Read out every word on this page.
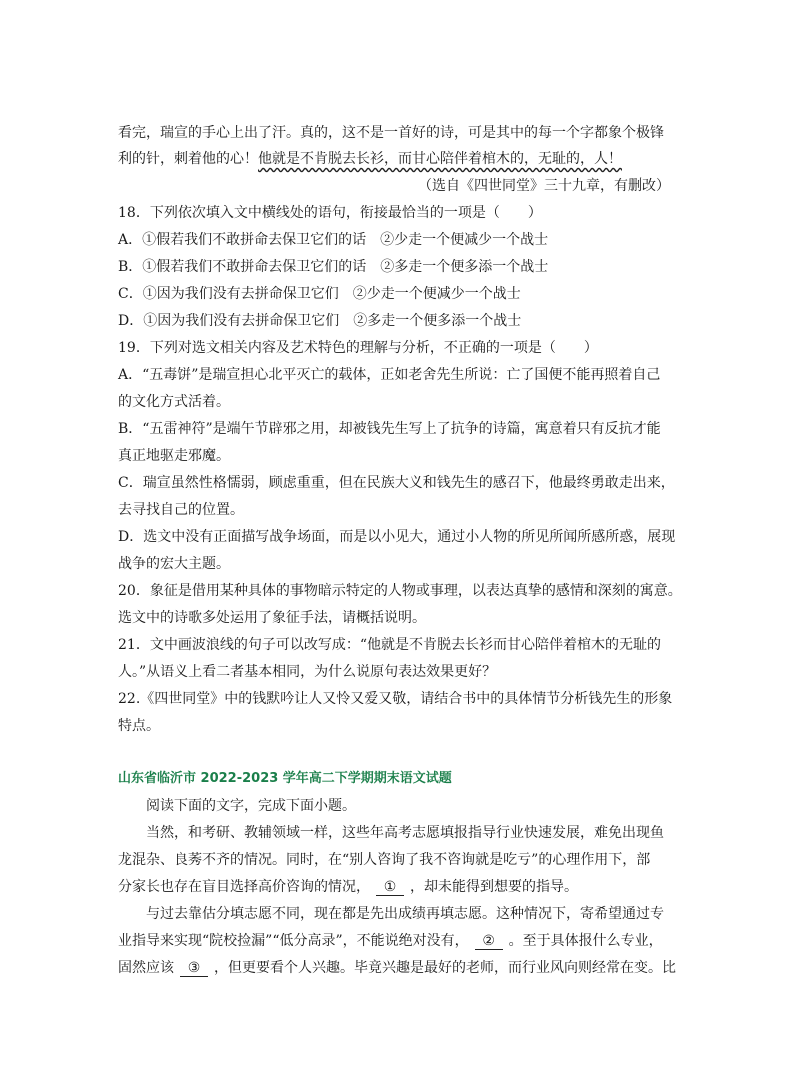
看完，瑞宣的手心上出了汗。真的，这不是一首好的诗，可是其中的每一个字都象个极锋
利的针，刺着他的心！他就是不肯脱去长衫，而甘心陪伴着棺木的，无耻的，人！
（选自《四世同堂》三十九章，有删改）
18．下列依次填入文中横线处的语句，衔接最恰当的一项是（　　）
A．①假若我们不敢拼命去保卫它们的话 ②少走一个便减少一个战士
B．①假若我们不敢拼命去保卫它们的话 ②多走一个便多添一个战士
C．①因为我们没有去拼命保卫它们 ②少走一个便减少一个战士
D．①因为我们没有去拼命保卫它们 ②多走一个便多添一个战士
19．下列对选文相关内容及艺术特色的理解与分析，不正确的一项是（　　）
A．“五毒饼”是瑞宣担心北平灭亡的载体，正如老舍先生所说：亡了国便不能再照着自己
的文化方式活着。
B．“五雷神符”是端午节辟邪之用，却被钱先生写上了抗争的诗篇，寓意着只有反抗才能
真正地驱走邪魔。
C．瑞宣虽然性格懦弱，顾虑重重，但在民族大义和钱先生的感召下，他最终勇敢走出来，
去寻找自己的位置。
D．选文中没有正面描写战争场面，而是以小见大，通过小人物的所见所闻所感所惑，展现
战争的宏大主题。
20．象征是借用某种具体的事物暗示特定的人物或事理，以表达真挚的感情和深刻的寓意。
选文中的诗歌多处运用了象征手法，请概括说明。
21．文中画波浪线的句子可以改写成：“他就是不肯脱去长衫而甘心陪伴着棺木的无耻的
人。”从语义上看二者基本相同，为什么说原句表达效果更好？
22.《四世同堂》中的钱默吟让人又怜又爱又敬，请结合书中的具体情节分析钱先生的形象
特点。
山东省临沂市 2022-2023 学年高二下学期期末语文试题
阅读下面的文字，完成下面小题。
当然，和考研、教辅领域一样，这些年高考志愿填报指导行业快速发展，难免出现鱼
龙混杂、良莠不齐的情况。同时，在“别人咨询了我不咨询就是吃亏”的心理作用下，部
分家长也存在盲目选择高价咨询的情况， ① ，却未能得到想要的指导。
与过去靠估分填志愿不同，现在都是先出成绩再填志愿。这种情况下，寄希望通过专
业指导来实现“院校捡漏”“低分高录”，不能说绝对没有， ② 。至于具体报什么专业，
固然应该 ③ ，但更要看个人兴趣。毕竟兴趣是最好的老师，而行业风向则经常在变。比
